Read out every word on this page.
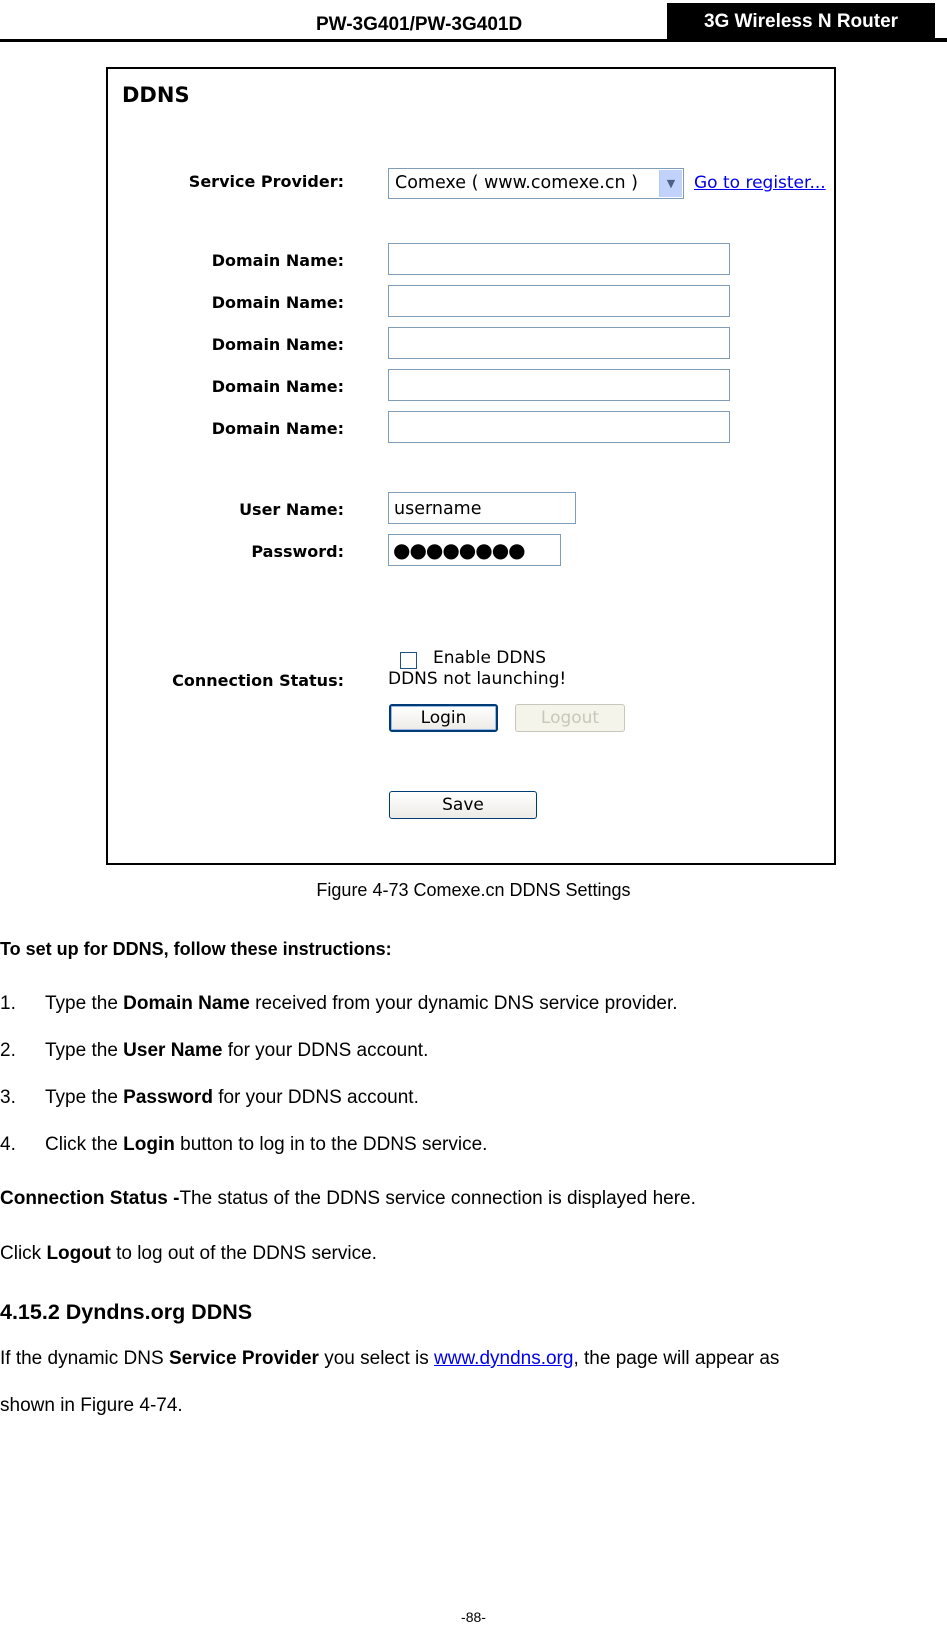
PW-3G401/PW-3G401D	3G Wireless N Router
DDNS
Service Provider:	Comexe ( www.comexe.cn )	▼	Go to register...
Domain Name:
Domain Name:
Domain Name:
Domain Name:
Domain Name:
User Name:	username
Password: ●●●●●●●●
Enable DDNS
Connection Status:	DDNS not launching!
Login	Logout
Save
Figure 4-73 Comexe.cn DDNS Settings
To set up for DDNS, follow these instructions:
1. Type the Domain Name received from your dynamic DNS service provider.
2. Type the User Name for your DDNS account.
3. Type the Password for your DDNS account.
4. Click the Login button to log in to the DDNS service.
Connection Status -The status of the DDNS service connection is displayed here.
Click Logout to log out of the DDNS service.
4.15.2 Dyndns.org DDNS
If the dynamic DNS Service Provider you select is www.dyndns.org, the page will appear as
shown in Figure 4-74.
-88-
